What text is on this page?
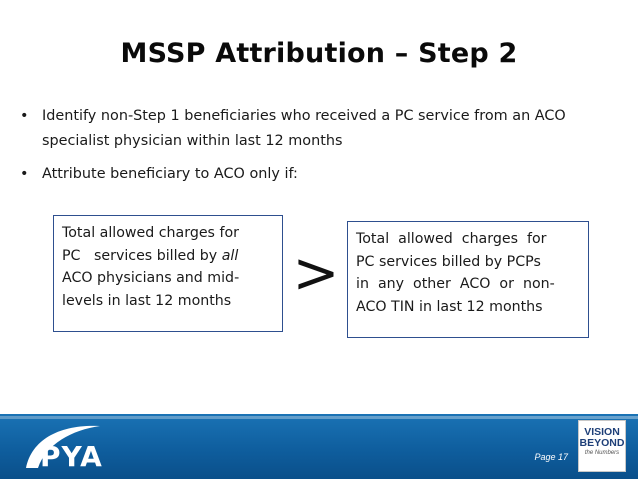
MSSP Attribution – Step 2
• Identify non-Step 1 beneficiaries who received a PC service from an ACO specialist physician within last 12 months
• Attribute beneficiary to ACO only if:
Total allowed charges for
PC   services billed by all
ACO physicians and mid-
levels in last 12 months	>
Total  allowed  charges  for
PC services billed by PCPs
in  any  other  ACO  or  non-
ACO TIN in last 12 months
PYA	Page 17
VISION
BEYOND
the Numbers
